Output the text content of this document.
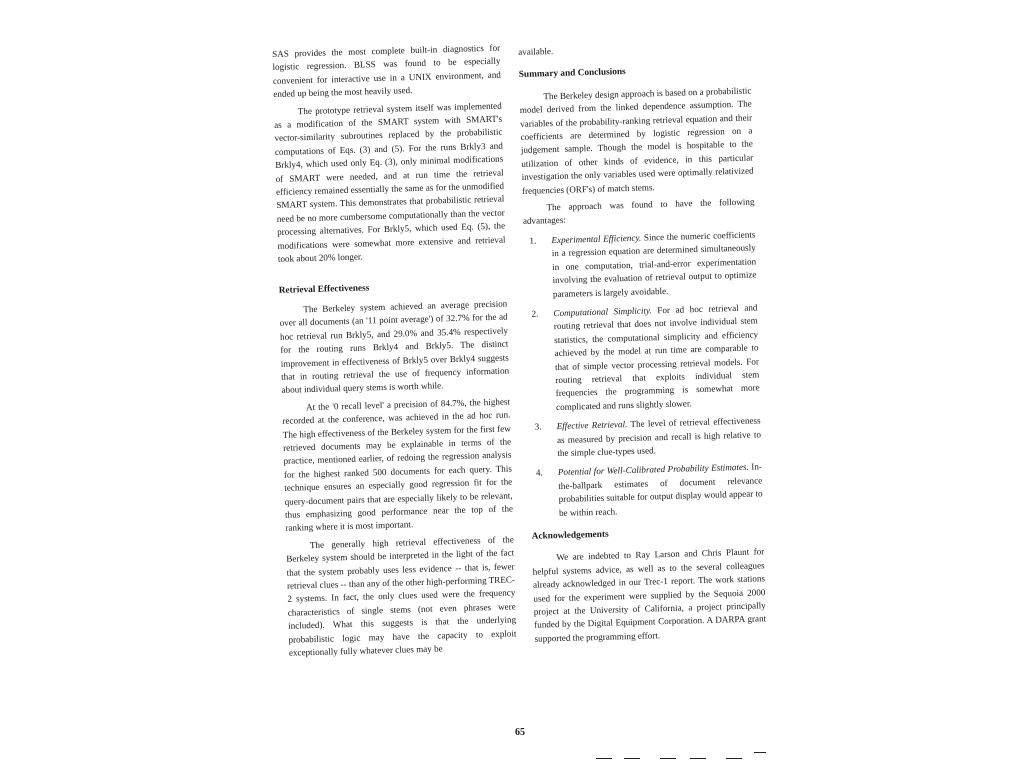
SAS provides the most complete built-in diagnostics for logistic regression. BLSS was found to be especially convenient for interactive use in a UNIX environment, and ended up being the most heavily used.

The prototype retrieval system itself was implemented as a modification of the SMART system with SMART's vector-similarity subroutines replaced by the probabilistic computations of Eqs. (3) and (5). For the runs Brkly3 and Brkly4, which used only Eq. (3), only minimal modifications of SMART were needed, and at run time the retrieval efficiency remained essentially the same as for the unmodified SMART system. This demonstrates that probabilistic retrieval need be no more cumbersome computationally than the vector processing alternatives. For Brkly5, which used Eq. (5), the modifications were somewhat more extensive and retrieval took about 20% longer.

Retrieval Effectiveness

The Berkeley system achieved an average precision over all documents (an '11 point average') of 32.7% for the ad hoc retrieval run Brkly5, and 29.0% and 35.4% respectively for the routing runs Brkly4 and Brkly5. The distinct improvement in effectiveness of Brkly5 over Brkly4 suggests that in routing retrieval the use of frequency information about individual query stems is worth while.

At the '0 recall level' a precision of 84.7%, the highest recorded at the conference, was achieved in the ad hoc run. The high effectiveness of the Berkeley system for the first few retrieved documents may be explainable in terms of the practice, mentioned earlier, of redoing the regression analysis for the highest ranked 500 documents for each query. This technique ensures an especially good regression fit for the query-document pairs that are especially likely to be relevant, thus emphasizing good performance near the top of the ranking where it is most important.

The generally high retrieval effectiveness of the Berkeley system should be interpreted in the light of the fact that the system probably uses less evidence -- that is, fewer retrieval clues -- than any of the other high-performing TREC-2 systems. In fact, the only clues used were the frequency characteristics of single stems (not even phrases were included). What this suggests is that the underlying probabilistic logic may have the capacity to exploit exceptionally fully whatever clues may be

available.

Summary and Conclusions

The Berkeley design approach is based on a probabilistic model derived from the linked dependence assumption. The variables of the probability-ranking retrieval equation and their coefficients are determined by logistic regression on a judgement sample. Though the model is hospitable to the utilization of other kinds of evidence, in this particular investigation the only variables used were optimally relativized frequencies (ORF's) of match stems.

The approach was found to have the following advantages:

1. Experimental Efficiency. Since the numeric coefficients in a regression equation are determined simultaneously in one computation, trial-and-error experimentation involving the evaluation of retrieval output to optimize parameters is largely avoidable.
2. Computational Simplicity. For ad hoc retrieval and routing retrieval that does not involve individual stem statistics, the computational simplicity and efficiency achieved by the model at run time are comparable to that of simple vector processing retrieval models. For routing retrieval that exploits individual stem frequencies the programming is somewhat more complicated and runs slightly slower.
3. Effective Retrieval. The level of retrieval effectiveness as measured by precision and recall is high relative to the simple clue-types used.
4. Potential for Well-Calibrated Probability Estimates. In-the-ballpark estimates of document relevance probabilities suitable for output display would appear to be within reach.
Acknowledgements

We are indebted to Ray Larson and Chris Plaunt for helpful systems advice, as well as to the several colleagues already acknowledged in our Trec-1 report. The work stations used for the experiment were supplied by the Sequoia 2000 project at the University of California, a project principally funded by the Digital Equipment Corporation. A DARPA grant supported the programming effort.

65
